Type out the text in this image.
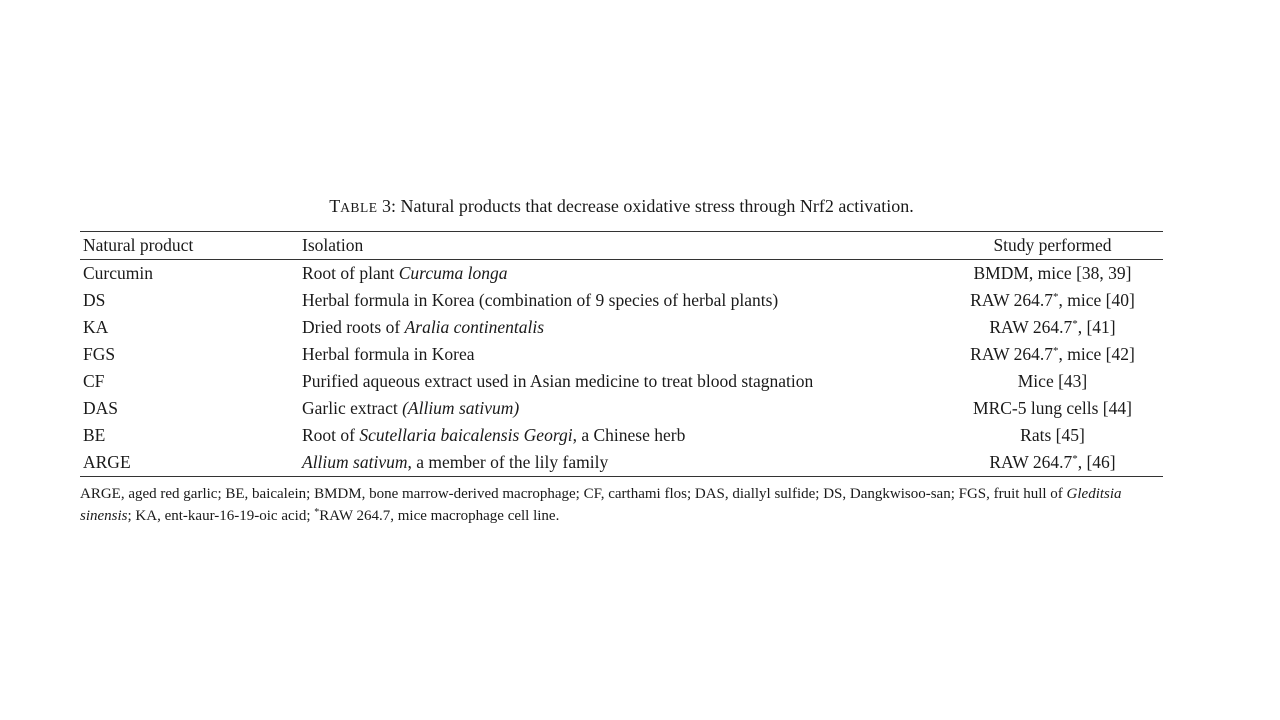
TABLE 3: Natural products that decrease oxidative stress through Nrf2 activation.
Natural product	Isolation	Study performed
Curcumin	Root of plant Curcuma longa	BMDM, mice [38, 39]
DS	Herbal formula in Korea (combination of 9 species of herbal plants)	RAW 264.7*, mice [40]
KA	Dried roots of Aralia continentalis	RAW 264.7*, [41]
FGS	Herbal formula in Korea	RAW 264.7*, mice [42]
CF	Purified aqueous extract used in Asian medicine to treat blood stagnation	Mice [43]
DAS	Garlic extract (Allium sativum)	MRC-5 lung cells [44]
BE	Root of Scutellaria baicalensis Georgi, a Chinese herb	Rats [45]
ARGE	Allium sativum, a member of the lily family	RAW 264.7*, [46]
ARGE, aged red garlic; BE, baicalein; BMDM, bone marrow-derived macrophage; CF, carthami flos; DAS, diallyl sulfide; DS, Dangkwisoo-san; FGS, fruit hull of Gleditsia sinensis; KA, ent-kaur-16-19-oic acid; *RAW 264.7, mice macrophage cell line.
